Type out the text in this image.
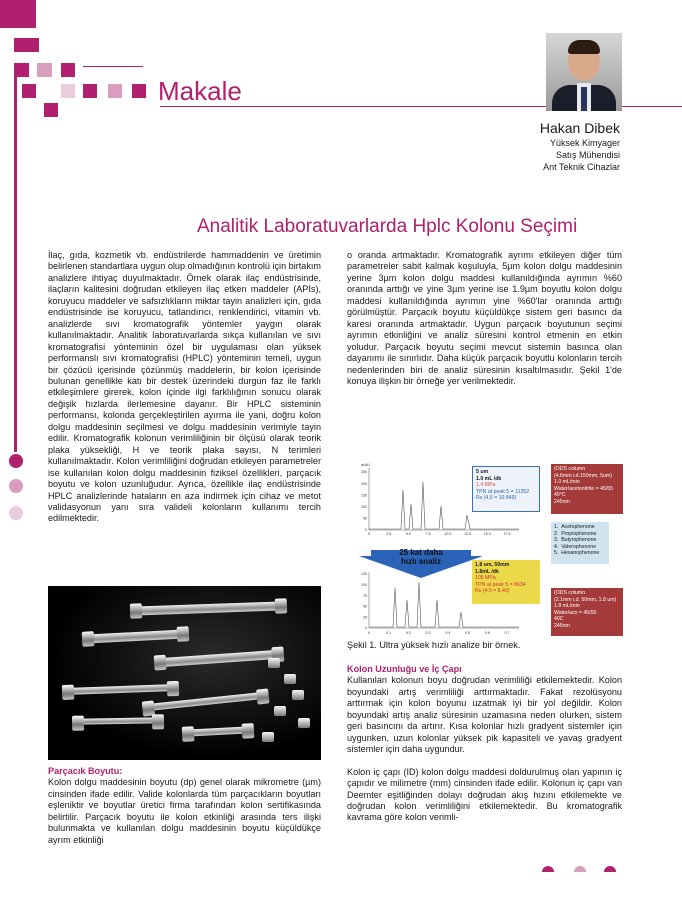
Makale
Hakan Dibek
Yüksek Kimyager
Satış Mühendisi
Ant Teknik Cihazlar
Analitik Laboratuvarlarda Hplc Kolonu Seçimi

İlaç, gıda, kozmetik vb. endüstrilerde hammaddenin ve üretimin belirlenen standartlara uygun olup olmadığının kontrolü için birtakım analizlere ihtiyaç duyulmaktadır. Örnek olarak ilaç endüstrisinde, ilaçların kalitesini doğrudan etkileyen ilaç etken maddeler (APIs), koruyucu maddeler ve safsızlıkların miktar tayin analizleri için, gıda endüstrisinde ise koruyucu, tatlandırıcı, renklendirici, vitamin vb. analizlerde sıvı kromatografik yöntemler yaygın olarak kullanılmaktadır. Analitik laboratuvarlarda sıkça kullanılan ve sıvı kromatografisi yönteminin özel bir uygulaması olan yüksek performanslı sıvı kromatografisi (HPLC) yönteminin temeli, uygun bir çözücü içerisinde çözünmüş maddelerin, bir kolon içerisinde bulunan genellikle katı bir destek üzerindeki durgun faz ile farklı etkileşimlere girerek, kolon içinde ilgi farklılığının sonucu olarak değişik hızlarda ilerlemesine dayanır. Bir HPLC sisteminin performansı, kolonda gerçekleştirilen ayırma ile yani, doğru kolon dolgu maddesinin seçilmesi ve dolgu maddesinin verimiyle tayin edilir. Kromatografik kolonun verimliliğinin bir ölçüsü olarak teorik plaka yüksekliği, H ve teorik plaka sayısı, N terimleri kullanılmaktadır. Kolon verimliliğini doğrudan etkileyen parametreler ise kullanılan kolon dolgu maddesinin fiziksel özellikleri, parçacık boyutu ve kolon uzunluğudur. Ayrıca, özellikle ilaç endüstrisinde HPLC analizlerinde hataların en aza indirmek için cihaz ve metot validasyonun yanı sıra valideli kolonların kullanımı tercih edilmektedir.

Parçacık Boyutu:

Kolon dolgu maddesinin boyutu (dp) genel olarak mikrometre (µm) cinsinden ifade edilir. Valide kolonlarda tüm parçacıkların boyutları eşleniktir ve boyutlar üretici firma tarafından kolon sertifikasında belirtilir. Parçacık boyutu ile kolon etkinliği arasında ters ilişki bulunmakta ve kullanılan dolgu maddesinin boyutu küçüldükçe ayrım etkinliği

o oranda artmaktadır. Kromatografik ayrımı etkileyen diğer tüm parametreler sabit kalmak koşuluyla, 5µm kolon dolgu maddesinin yerine 3µm kolon dolgu maddesi kullanıldığında ayrımın %60 oranında arttığı ve yine 3µm yerine ise 1.9µm boyutlu kolon dolgu maddesi kullanıldığında ayrımın yine %60'lar oranında arttığı görülmüştür. Parçacık boyutu küçüldükçe sistem geri basıncı da karesi oranında artmaktadır. Uygun parçacık boyutunun seçimi ayrımın etkinliğini ve analiz süresini kontrol etmenin en etkin yoludur. Parçacık boyutu seçimi mevcut sistemin basınca olan dayanımı ile sınırlıdır. Daha küçük parçacık boyutlu kolonların tercih nedenlerinden biri de analiz süresinin kısaltılmasıdır. Şekil 1'de konuya ilişkin bir örneğe yer verilmektedir.

mAU
250
200
150
100
50
0
0	2.5	5.0	7.5	10.0	12.5	15.0	17.5
125
100
75
50
25
0
0	0.1	0.2	0.3	0.4	0.5	0.6	0.7
25 kat daha
hızlı analiz
5 um
1.0 mL /dk
1.4 MPa
TPN at peak 5 = 11352
Rs (4,5 = 10.849)
1.8 um, 50mm
1.8mL /dk
105 MPa
TPN at peak 5 = 8634
Rs (4,5 = 8.40)
(ODS column
(4.6mm i.d.150mm, 5um)
1.0 mL/min
Water/acetonitrile = 45/55
40°C
245nm
1.  Acetophenone
2.  Propiophenone
3.  Butyrophenone
4.  Valerophenone
5.  Hexanophenone
(ODS column
(2.1mm i.d. 50mm, 1.8 um)
1.8 mL/min
Water/acn = 45/55
40C
245nm
Şekil 1. Ultra yüksek hızlı analize bir örnek.

Kolon Uzunluğu ve İç Çapı

Kullanılan kolonun boyu doğrudan verimliliği etkilemektedir. Kolon boyundaki artış verimliliği arttırmaktadır. Fakat rezolüsyonu arttırmak için kolon boyunu uzatmak iyi bir yol değildir. Kolon boyundaki artış analiz süresinin uzamasına neden olurken, sistem geri basıncını da artırır. Kısa kolonlar hızlı gradyent sistemler için uygunken, uzun kolonlar yüksek pik kapasiteli ve yavaş gradyent sistemler için daha uygundur.

Kolon iç çapı (ID) kolon dolgu maddesi doldurulmuş olan yapının iç çapıdır ve milimetre (mm) cinsinden ifade edilir. Kolonun iç çapı van Deemter eşitliğinden dolayı doğrudan akış hızını etkilemekte ve doğrudan kolon verimliliğini etkilemektedir. Bu kromatografik kavrama göre kolon verimli-
